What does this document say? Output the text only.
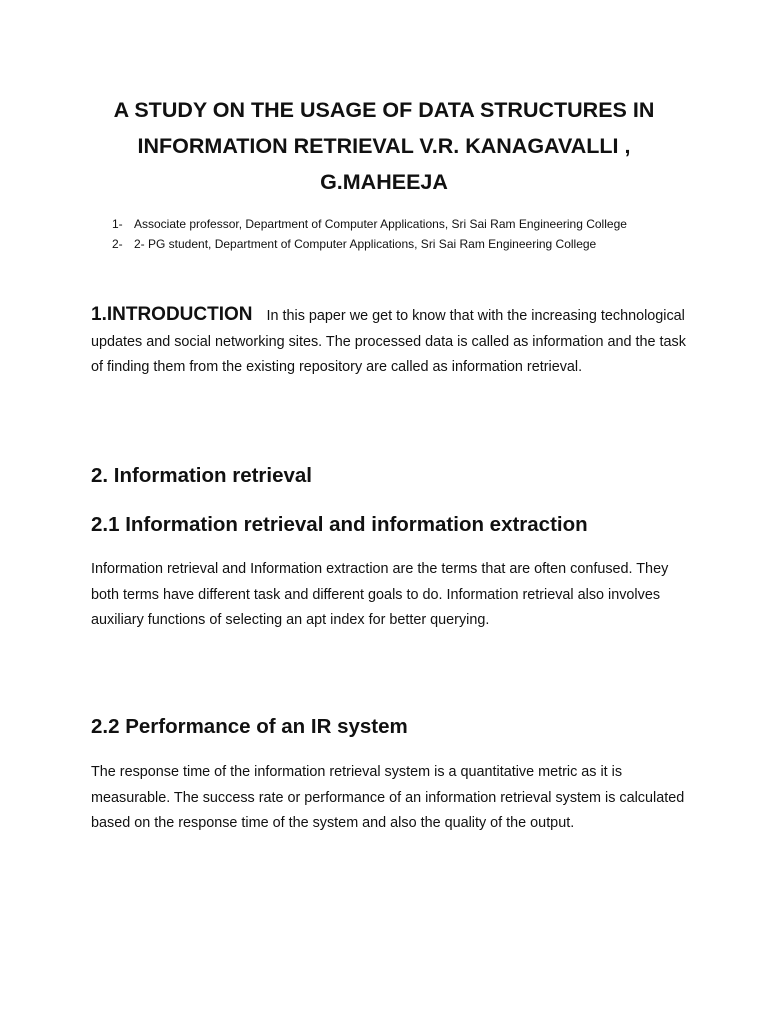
A STUDY ON THE USAGE OF DATA STRUCTURES IN
INFORMATION RETRIEVAL V.R. KANAGAVALLI ,
G.MAHEEJA

1- Associate professor, Department of Computer Applications, Sri Sai Ram Engineering College

2- 2- PG student, Department of Computer Applications, Sri Sai Ram Engineering College

1.INTRODUCTION In this paper we get to know that with the increasing technological updates and social networking sites. The processed data is called as information and the task of finding them from the existing repository are called as information retrieval.

2. Information retrieval
2.1 Information retrieval and information extraction

Information retrieval and Information extraction are the terms that are often confused. They both terms have different task and different goals to do. Information retrieval also involves auxiliary functions of selecting an apt index for better querying.

2.2 Performance of an IR system

The response time of the information retrieval system is a quantitative metric as it is measurable. The success rate or performance of an information retrieval system is calculated based on the response time of the system and also the quality of the output.
